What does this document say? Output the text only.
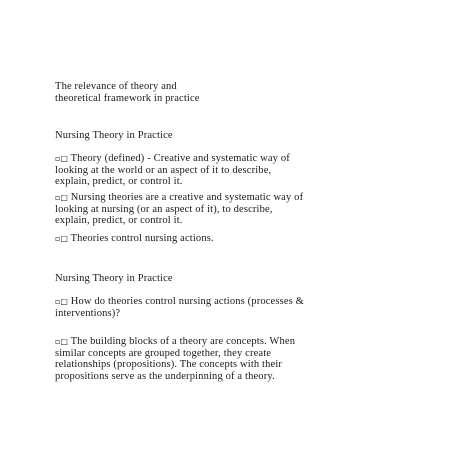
The relevance of theory and
theoretical framework in practice
Nursing Theory in Practice
▫□ Theory (defined) - Creative and systematic way of
looking at the world or an aspect of it to describe,
explain, predict, or control it.
▫□ Nursing theories are a creative and systematic way of
looking at nursing (or an aspect of it), to describe,
explain, predict, or control it.
▫□ Theories control nursing actions.
Nursing Theory in Practice
▫□ How do theories control nursing actions (processes &
interventions)?
▫□ The building blocks of a theory are concepts. When
similar concepts are grouped together, they create
relationships (propositions). The concepts with their
propositions serve as the underpinning of a theory.
